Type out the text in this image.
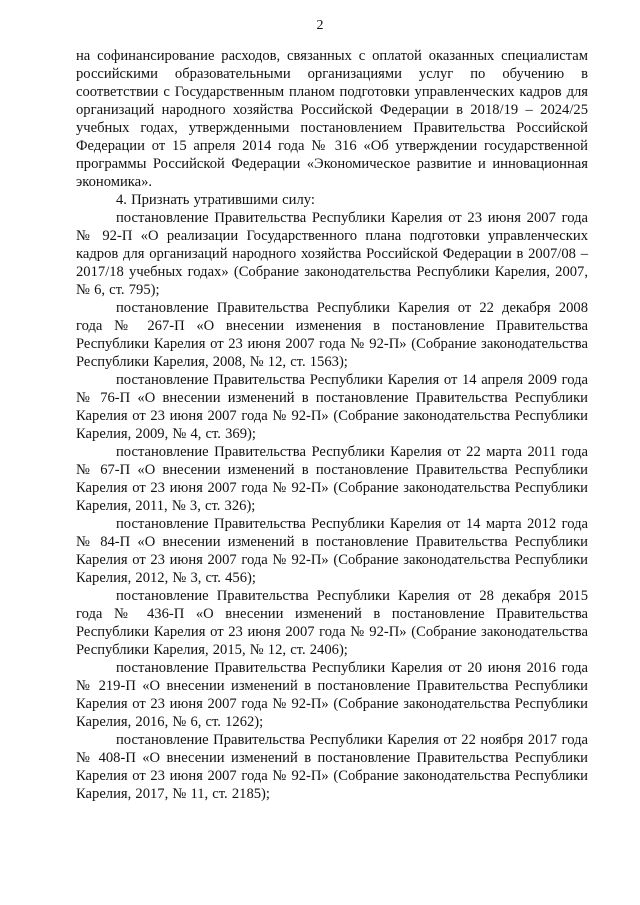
2

на софинансирование расходов, связанных с оплатой оказанных специалистам российскими образовательными организациями услуг по обучению в соответствии с Государственным планом подготовки управленческих кадров для организаций народного хозяйства Российской Федерации в 2018/19 – 2024/25 учебных годах, утвержденными постановлением Правительства Российской Федерации от 15 апреля 2014 года № 316 «Об утверждении государственной программы Российской Федерации «Экономическое развитие и инновационная экономика».

4. Признать утратившими силу:

постановление Правительства Республики Карелия от 23 июня 2007 года № 92-П «О реализации Государственного плана подготовки управленческих кадров для организаций народного хозяйства Российской Федерации в 2007/08 – 2017/18 учебных годах» (Собрание законодательства Республики Карелия, 2007, № 6, ст. 795);

постановление Правительства Республики Карелия от 22 декабря 2008 года № 267-П «О внесении изменения в постановление Правительства Республики Карелия от 23 июня 2007 года № 92-П» (Собрание законодательства Республики Карелия, 2008, № 12, ст. 1563);

постановление Правительства Республики Карелия от 14 апреля 2009 года № 76-П «О внесении изменений в постановление Правительства Республики Карелия от 23 июня 2007 года № 92-П» (Собрание законодательства Республики Карелия, 2009, № 4, ст. 369);

постановление Правительства Республики Карелия от 22 марта 2011 года № 67-П «О внесении изменений в постановление Правительства Республики Карелия от 23 июня 2007 года № 92-П» (Собрание законодательства Республики Карелия, 2011, № 3, ст. 326);

постановление Правительства Республики Карелия от 14 марта 2012 года № 84-П «О внесении изменений в постановление Правительства Республики Карелия от 23 июня 2007 года № 92-П» (Собрание законодательства Республики Карелия, 2012, № 3, ст. 456);

постановление Правительства Республики Карелия от 28 декабря 2015 года № 436-П «О внесении изменений в постановление Правительства Республики Карелия от 23 июня 2007 года № 92-П» (Собрание законодательства Республики Карелия, 2015, № 12, ст. 2406);

постановление Правительства Республики Карелия от 20 июня 2016 года № 219-П «О внесении изменений в постановление Правительства Республики Карелия от 23 июня 2007 года № 92-П» (Собрание законодательства Республики Карелия, 2016, № 6, ст. 1262);

постановление Правительства Республики Карелия от 22 ноября 2017 года № 408-П «О внесении изменений в постановление Правительства Республики Карелия от 23 июня 2007 года № 92-П» (Собрание законодательства Республики Карелия, 2017, № 11, ст. 2185);
